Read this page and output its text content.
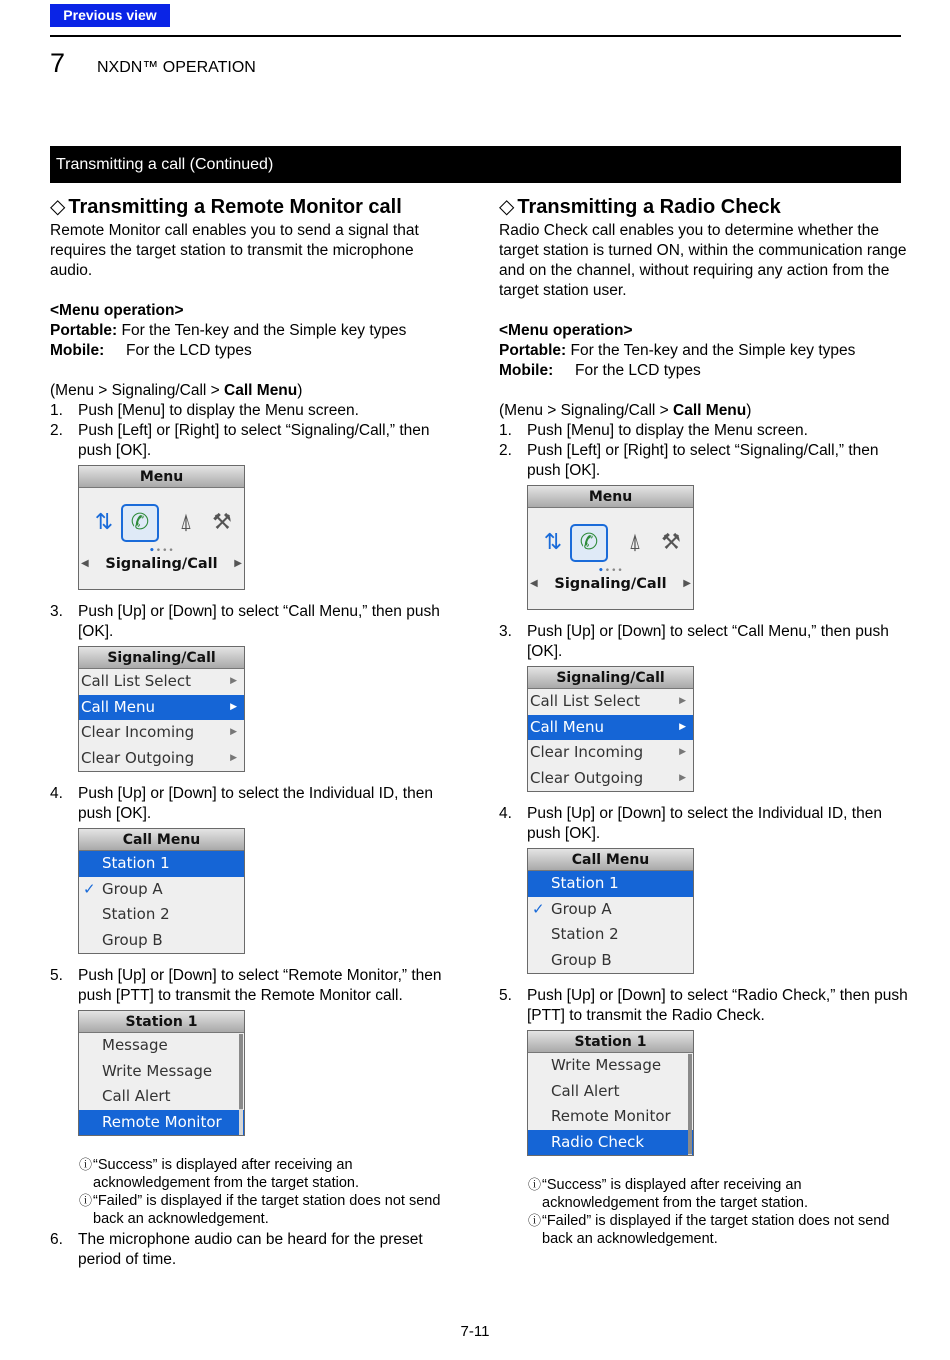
Previous view
7 NXDN™ OPERATION
Transmitting a call (Continued)
◇ Transmitting a Remote Monitor call

Remote Monitor call enables you to send a signal that requires the target station to transmit the microphone audio.

<Menu operation>

Portable: For the Ten-key and the Simple key types

Mobile: For the LCD types

(Menu > Signaling/Call > Call Menu)

1. Push [Menu] to display the Menu screen.
2. Push [Left] or [Right] to select “Signaling/Call,” then push [OK].
Menu
⇅ ✆	⍋ ⚒
••••
◀	Signaling/Call	▶
3. Push [Up] or [Down] to select “Call Menu,” then push [OK].
Signaling/Call
Call List Select	▶
Call Menu	▶
Clear Incoming	▶
Clear Outgoing	▶
4. Push [Up] or [Down] to select the Individual ID, then push [OK].
Call Menu
Station 1
✓ Group A
Station 2
Group B
5. Push [Up] or [Down] to select “Remote Monitor,” then push [PTT] to transmit the Remote Monitor call.
Station 1
Message
Write Message
Call Alert
Remote Monitor
ⓘ “Success” is displayed after receiving an acknowledgement from the target station.
ⓘ “Failed” is displayed if the target station does not send back an acknowledgement.
6. The microphone audio can be heard for the preset period of time.
◇ Transmitting a Radio Check

Radio Check call enables you to determine whether the target station is turned ON, within the communication range and on the channel, without requiring any action from the target station user.

<Menu operation>

Portable: For the Ten-key and the Simple key types

Mobile: For the LCD types

(Menu > Signaling/Call > Call Menu)

1. Push [Menu] to display the Menu screen.
2. Push [Left] or [Right] to select “Signaling/Call,” then push [OK].
Menu
⇅ ✆	⍋ ⚒
••••
◀	Signaling/Call	▶
3. Push [Up] or [Down] to select “Call Menu,” then push [OK].
Signaling/Call
Call List Select	▶
Call Menu	▶
Clear Incoming	▶
Clear Outgoing	▶
4. Push [Up] or [Down] to select the Individual ID, then push [OK].
Call Menu
Station 1
✓ Group A
Station 2
Group B
5. Push [Up] or [Down] to select “Radio Check,” then push [PTT] to transmit the Radio Check.
Station 1
Write Message
Call Alert
Remote Monitor
Radio Check
ⓘ “Success” is displayed after receiving an acknowledgement from the target station.
ⓘ “Failed” is displayed if the target station does not send back an acknowledgement.
7-11
